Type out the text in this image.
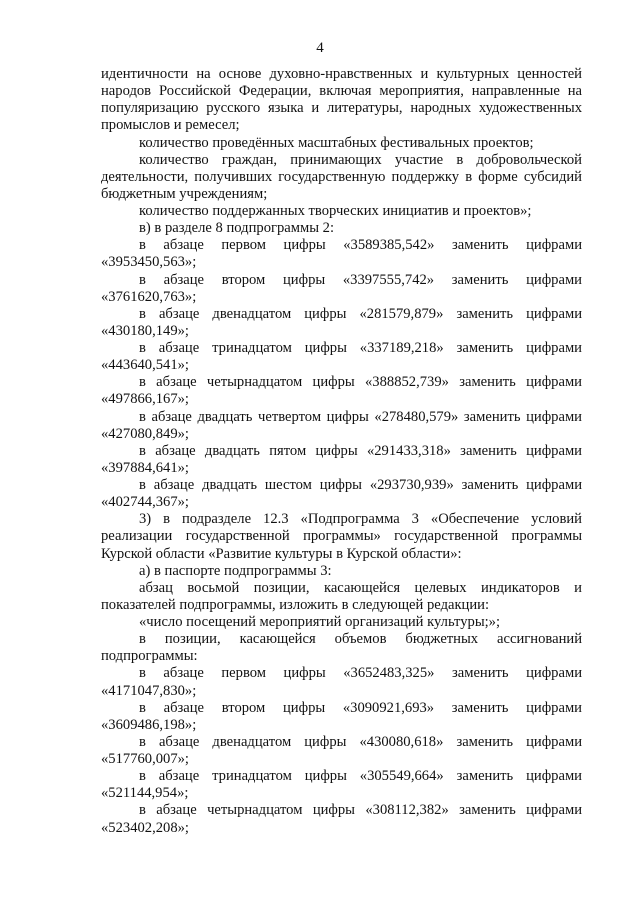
4
идентичности на основе духовно-нравственных и культурных ценностей
народов Российской Федерации, включая мероприятия, направленные на
популяризацию русского языка и литературы, народных художественных
промыслов и ремесел;
количество проведённых масштабных фестивальных проектов;
количество граждан, принимающих участие в добровольческой
деятельности, получивших государственную поддержку в форме субсидий
бюджетным учреждениям;
количество поддержанных творческих инициатив и проектов»;
в) в разделе 8 подпрограммы 2:
в абзаце первом цифры «3589385,542» заменить цифрами
«3953450,563»;
в абзаце втором цифры «3397555,742» заменить цифрами
«3761620,763»;
в абзаце двенадцатом цифры «281579,879» заменить цифрами
«430180,149»;
в абзаце тринадцатом цифры «337189,218» заменить цифрами
«443640,541»;
в абзаце четырнадцатом цифры «388852,739» заменить цифрами
«497866,167»;
в абзаце двадцать четвертом цифры «278480,579» заменить цифрами
«427080,849»;
в абзаце двадцать пятом цифры «291433,318» заменить цифрами
«397884,641»;
в абзаце двадцать шестом цифры «293730,939» заменить цифрами
«402744,367»;
3) в подразделе 12.3 «Подпрограмма 3 «Обеспечение условий
реализации государственной программы» государственной программы
Курской области «Развитие культуры в Курской области»:
а) в паспорте подпрограммы 3:
абзац восьмой позиции, касающейся целевых индикаторов и
показателей подпрограммы, изложить в следующей редакции:
«число посещений мероприятий организаций культуры;»;
в позиции, касающейся объемов бюджетных ассигнований
подпрограммы:
в абзаце первом цифры «3652483,325» заменить цифрами
«4171047,830»;
в абзаце втором цифры «3090921,693» заменить цифрами
«3609486,198»;
в абзаце двенадцатом цифры «430080,618» заменить цифрами
«517760,007»;
в абзаце тринадцатом цифры «305549,664» заменить цифрами
«521144,954»;
в абзаце четырнадцатом цифры «308112,382» заменить цифрами
«523402,208»;
